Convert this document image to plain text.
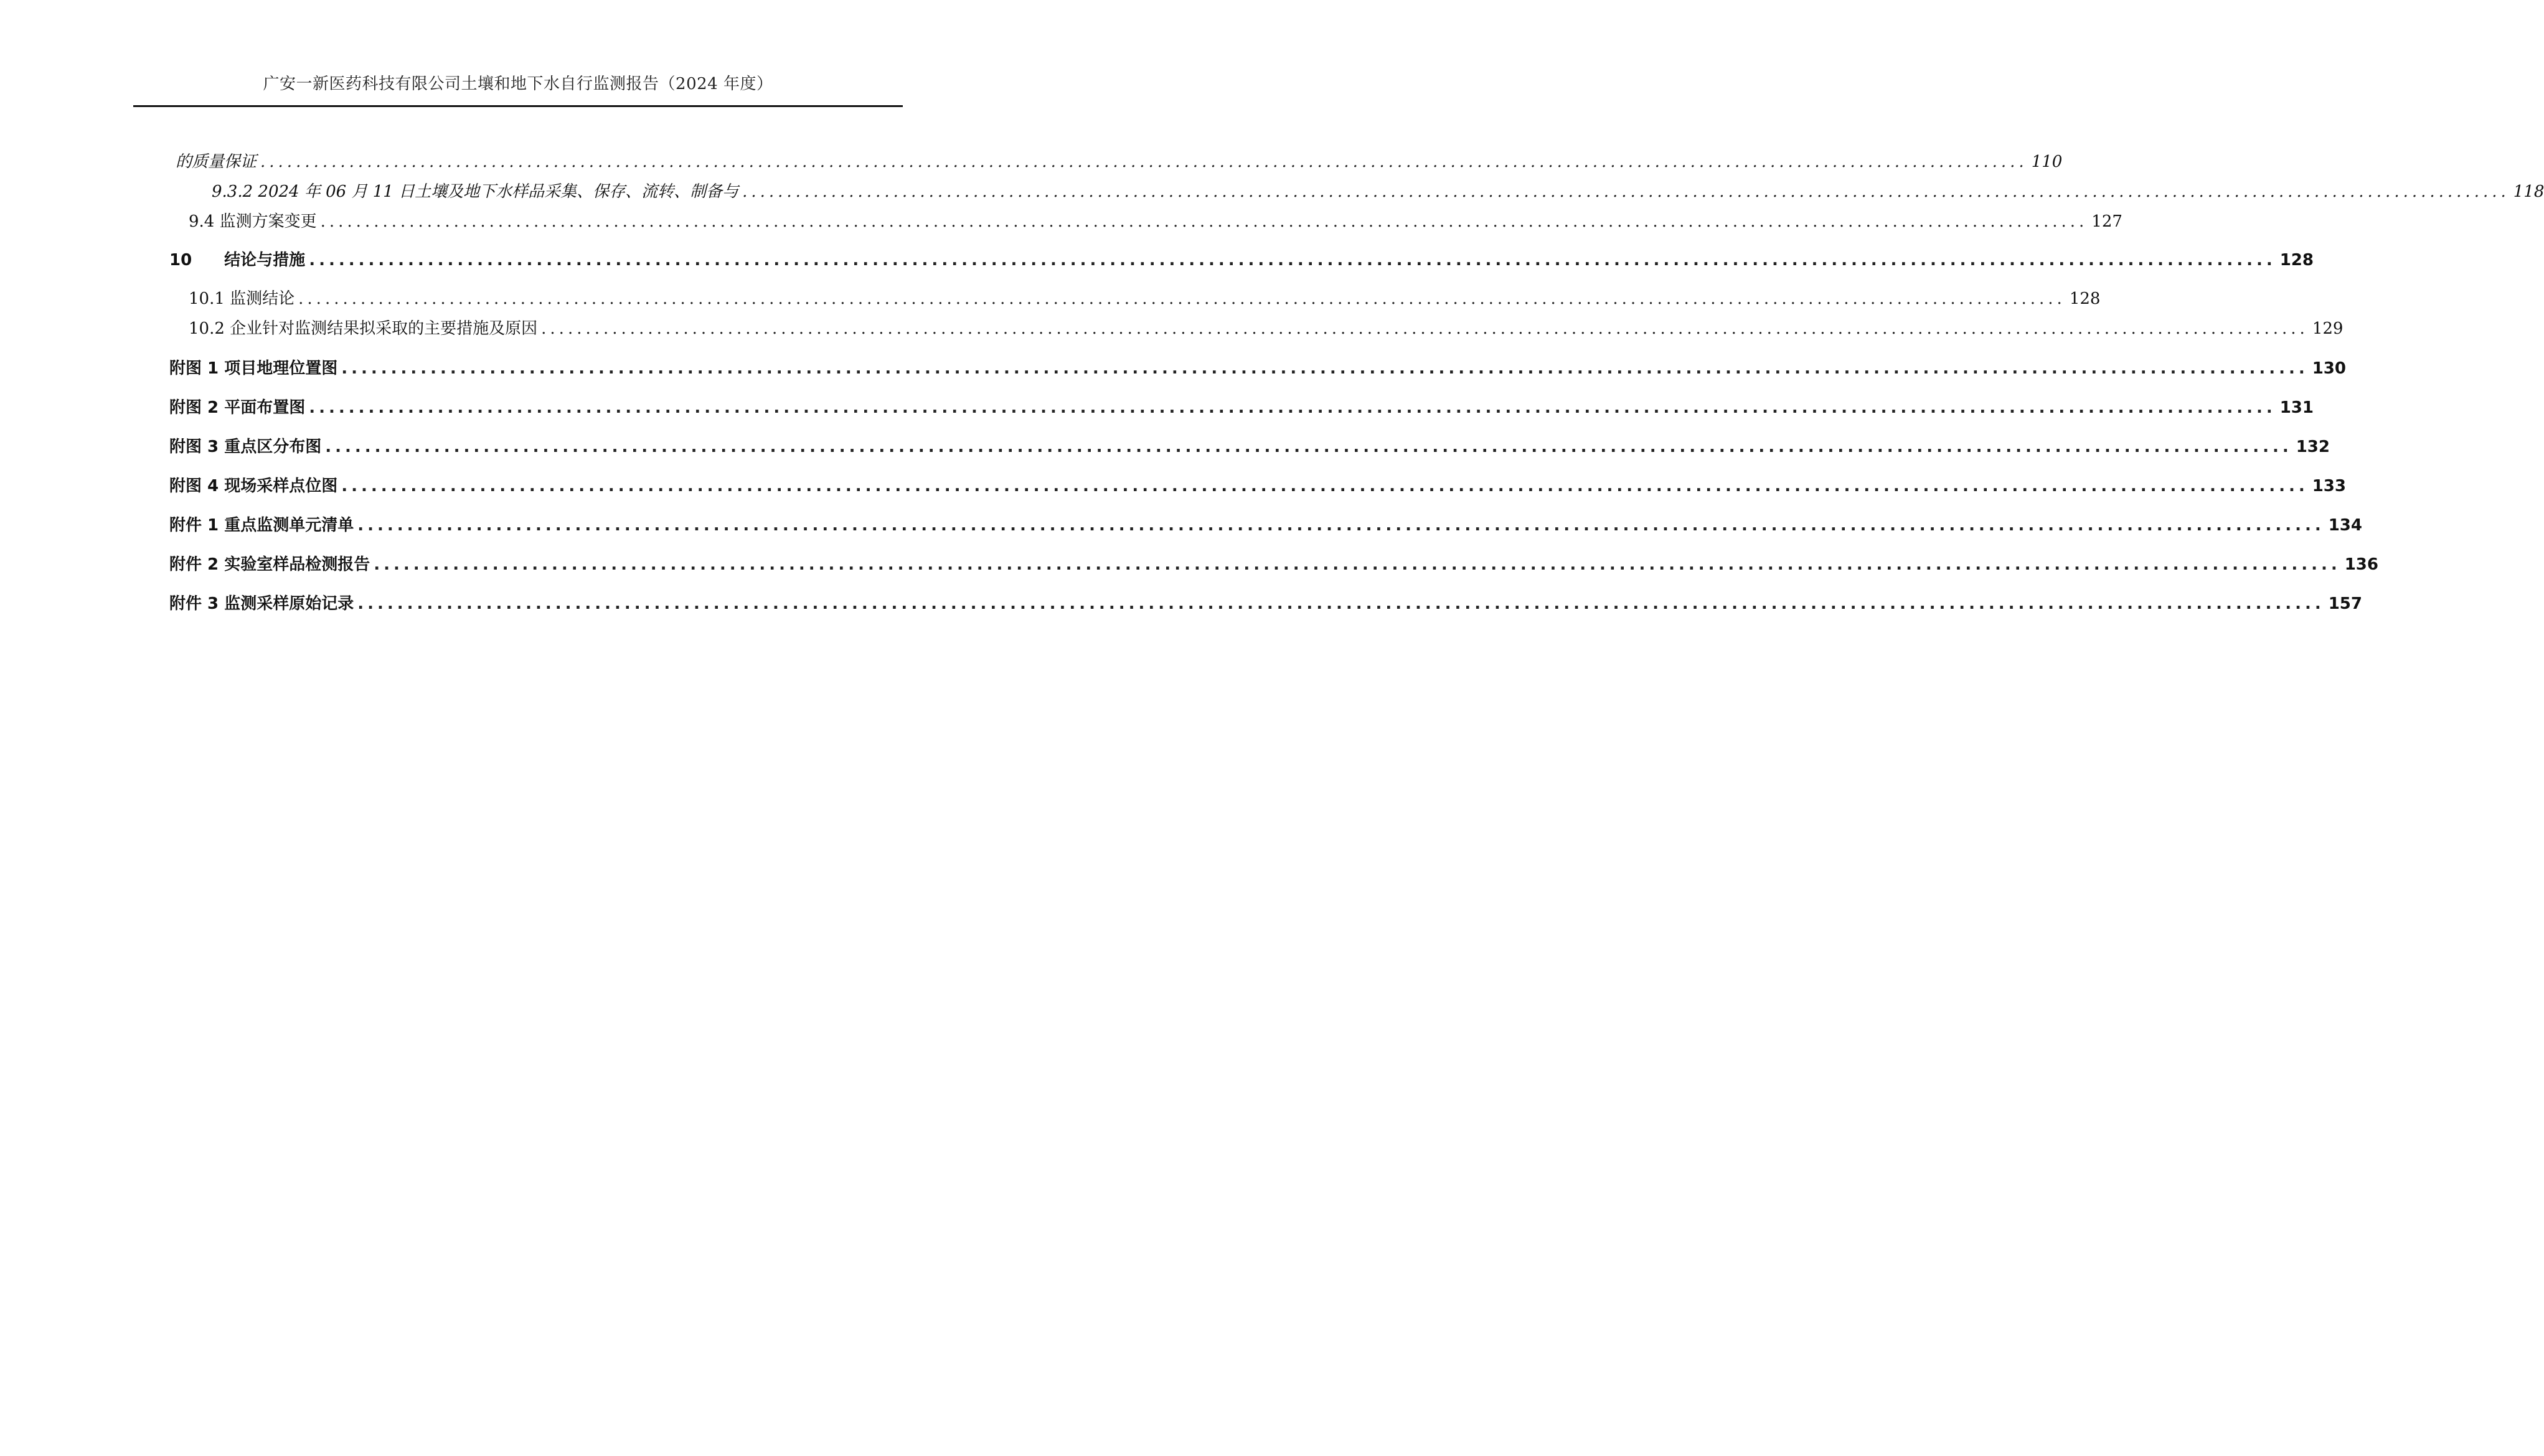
广安一新医药科技有限公司土壤和地下水自行监测报告（2024 年度）
的质量保证 ....................................................................................................................................................................................................... 110
9.3.2 2024 年 06 月 11 日土壤及地下水样品采集、保存、流转、制备与 ....................................................................................................................................................................................................... 118
9.4 监测方案变更 ....................................................................................................................................................................................................... 127
10　　结论与措施 ....................................................................................................................................................................................................... 128
10.1 监测结论 ....................................................................................................................................................................................................... 128
10.2 企业针对监测结果拟采取的主要措施及原因 ....................................................................................................................................................................................................... 129
附图 1 项目地理位置图 ....................................................................................................................................................................................................... 130
附图 2 平面布置图 ....................................................................................................................................................................................................... 131
附图 3 重点区分布图 ....................................................................................................................................................................................................... 132
附图 4 现场采样点位图 ....................................................................................................................................................................................................... 133
附件 1 重点监测单元清单 ....................................................................................................................................................................................................... 134
附件 2 实验室样品检测报告 ....................................................................................................................................................................................................... 136
附件 3 监测采样原始记录 ....................................................................................................................................................................................................... 157
